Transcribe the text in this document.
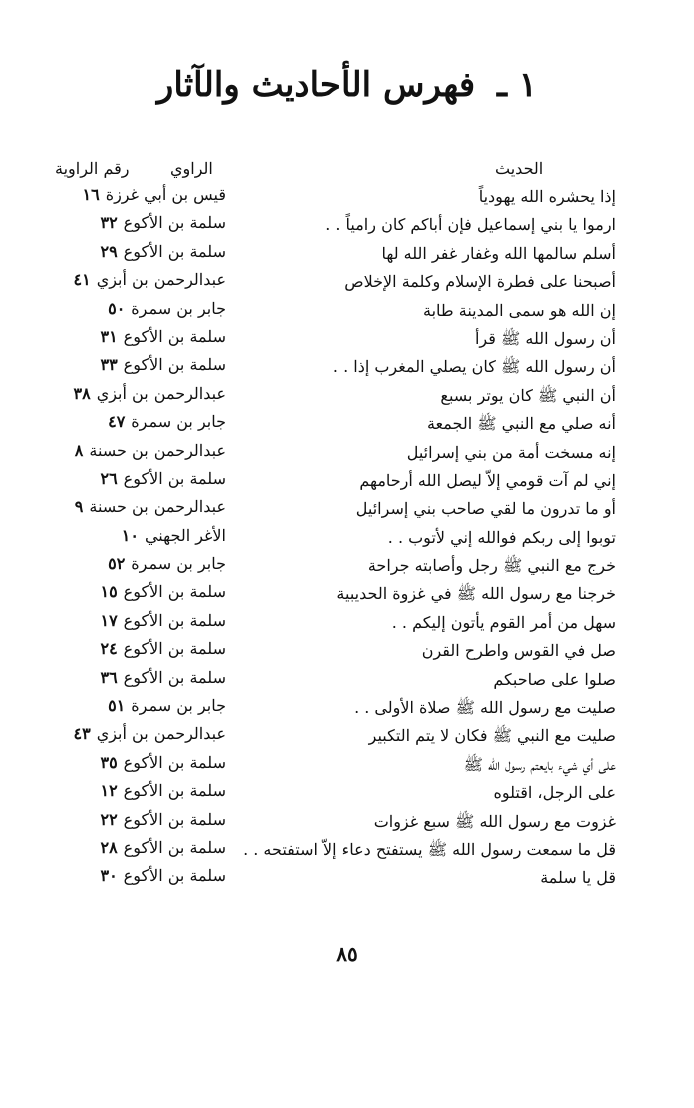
١ ـ فهرس الأحاديث والآثار
الحديث
الراوي
رقم الراوية
إذا يحشره الله يهودياً
قيس بن أبي غرزة١٦
ارموا يا بني إسماعيل فإن أباكم كان رامياً . .
سلمة بن الأكوع٣٢
أسلم سالمها الله وغفار غفر الله لها
سلمة بن الأكوع٢٩
أصبحنا على فطرة الإسلام وكلمة الإخلاص
عبدالرحمن بن أبزي٤١
إن الله هو سمى المدينة طابة
جابر بن سمرة٥٠
أن رسول الله ﷺ قرأ
سلمة بن الأكوع٣١
أن رسول الله ﷺ كان يصلي المغرب إذا . .
سلمة بن الأكوع٣٣
أن النبي ﷺ كان يوتر بسبع
عبدالرحمن بن أبزي٣٨
أنه صلي مع النبي ﷺ الجمعة
جابر بن سمرة٤٧
إنه مسخت أمة من بني إسرائيل
عبدالرحمن بن حسنة٨
إني لم آت قومي إلاّ ليصل الله أرحامهم
سلمة بن الأكوع٢٦
أو ما تدرون ما لقي صاحب بني إسرائيل
عبدالرحمن بن حسنة٩
توبوا إلى ربكم فوالله إني لأتوب . .
الأغر الجهني١٠
خرج مع النبي ﷺ رجل وأصابته جراحة
جابر بن سمرة٥٢
خرجنا مع رسول الله ﷺ في غزوة الحديبية
سلمة بن الأكوع١٥
سهل من أمر القوم يأتون إليكم . .
سلمة بن الأكوع١٧
صل في القوس واطرح القرن
سلمة بن الأكوع٢٤
صلوا على صاحبكم
سلمة بن الأكوع٣٦
صليت مع رسول الله ﷺ صلاة الأولى . .
جابر بن سمرة٥١
صليت مع النبي ﷺ فكان لا يتم التكبير
عبدالرحمن بن أبزي٤٣
على أي شيء بايعتم رسول الله ﷺ
سلمة بن الأكوع٣٥
على الرجل، اقتلوه
سلمة بن الأكوع١٢
غزوت مع رسول الله ﷺ سبع غزوات
سلمة بن الأكوع٢٢
قل ما سمعت رسول الله ﷺ يستفتح دعاء إلاّ استفتحه . .
سلمة بن الأكوع٢٨
قل يا سلمة
سلمة بن الأكوع٣٠
٨٥
